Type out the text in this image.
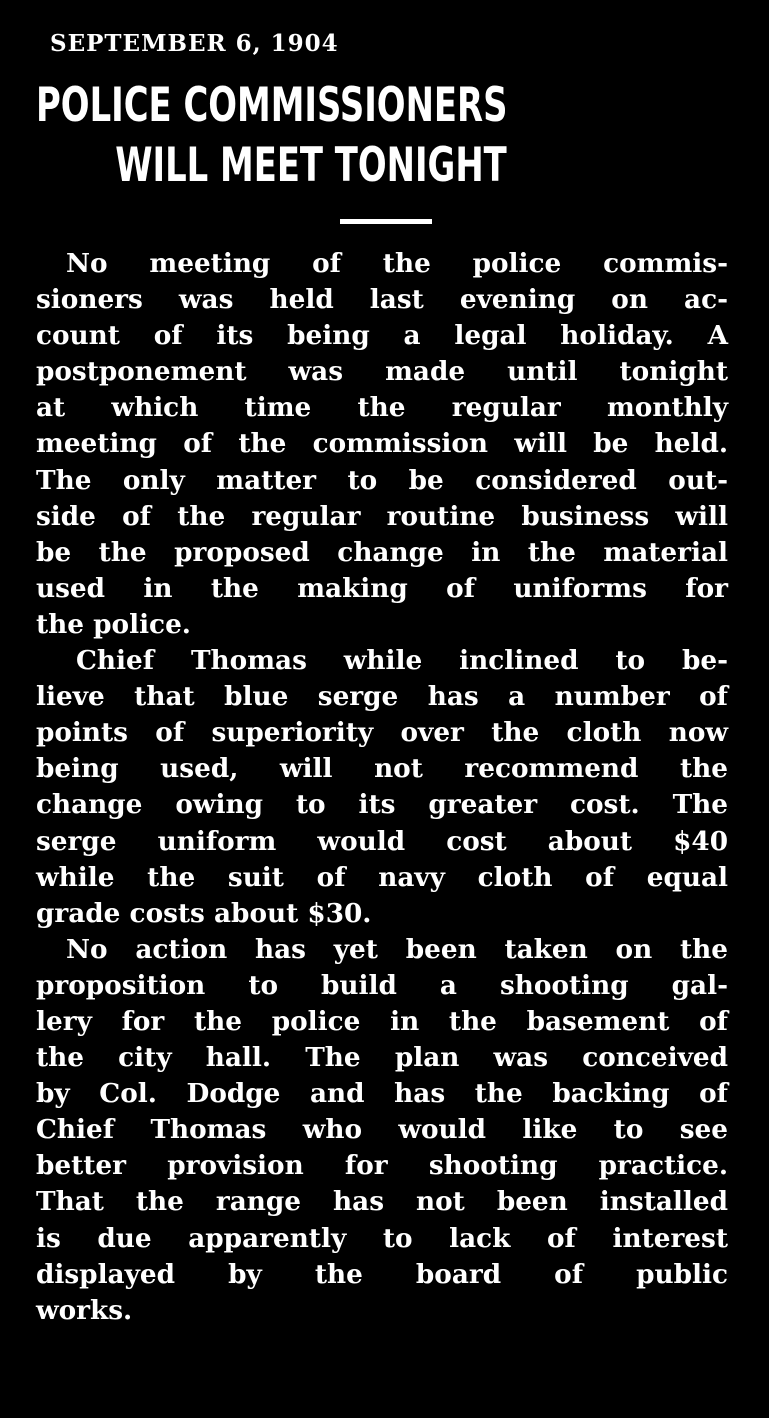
SEPTEMBER 6, 1904
POLICE COMMISSIONERS
WILL MEET TONIGHT
No meeting of the police commis-
sioners was held last evening on ac-
count of its being a legal holiday. A
postponement was made until tonight
at which time the regular monthly
meeting of the commission will be held.
The only matter to be considered out-
side of the regular routine business will
be the proposed change in the material
used in the making of uniforms for
the police.
Chief Thomas while inclined to be-
lieve that blue serge has a number of
points of superiority over the cloth now
being used, will not recommend the
change owing to its greater cost. The
serge uniform would cost about $40
while the suit of navy cloth of equal
grade costs about $30.
No action has yet been taken on the
proposition to build a shooting gal-
lery for the police in the basement of
the city hall. The plan was conceived
by Col. Dodge and has the backing of
Chief Thomas who would like to see
better provision for shooting practice.
That the range has not been installed
is due apparently to lack of interest
displayed by the board of public
works.
